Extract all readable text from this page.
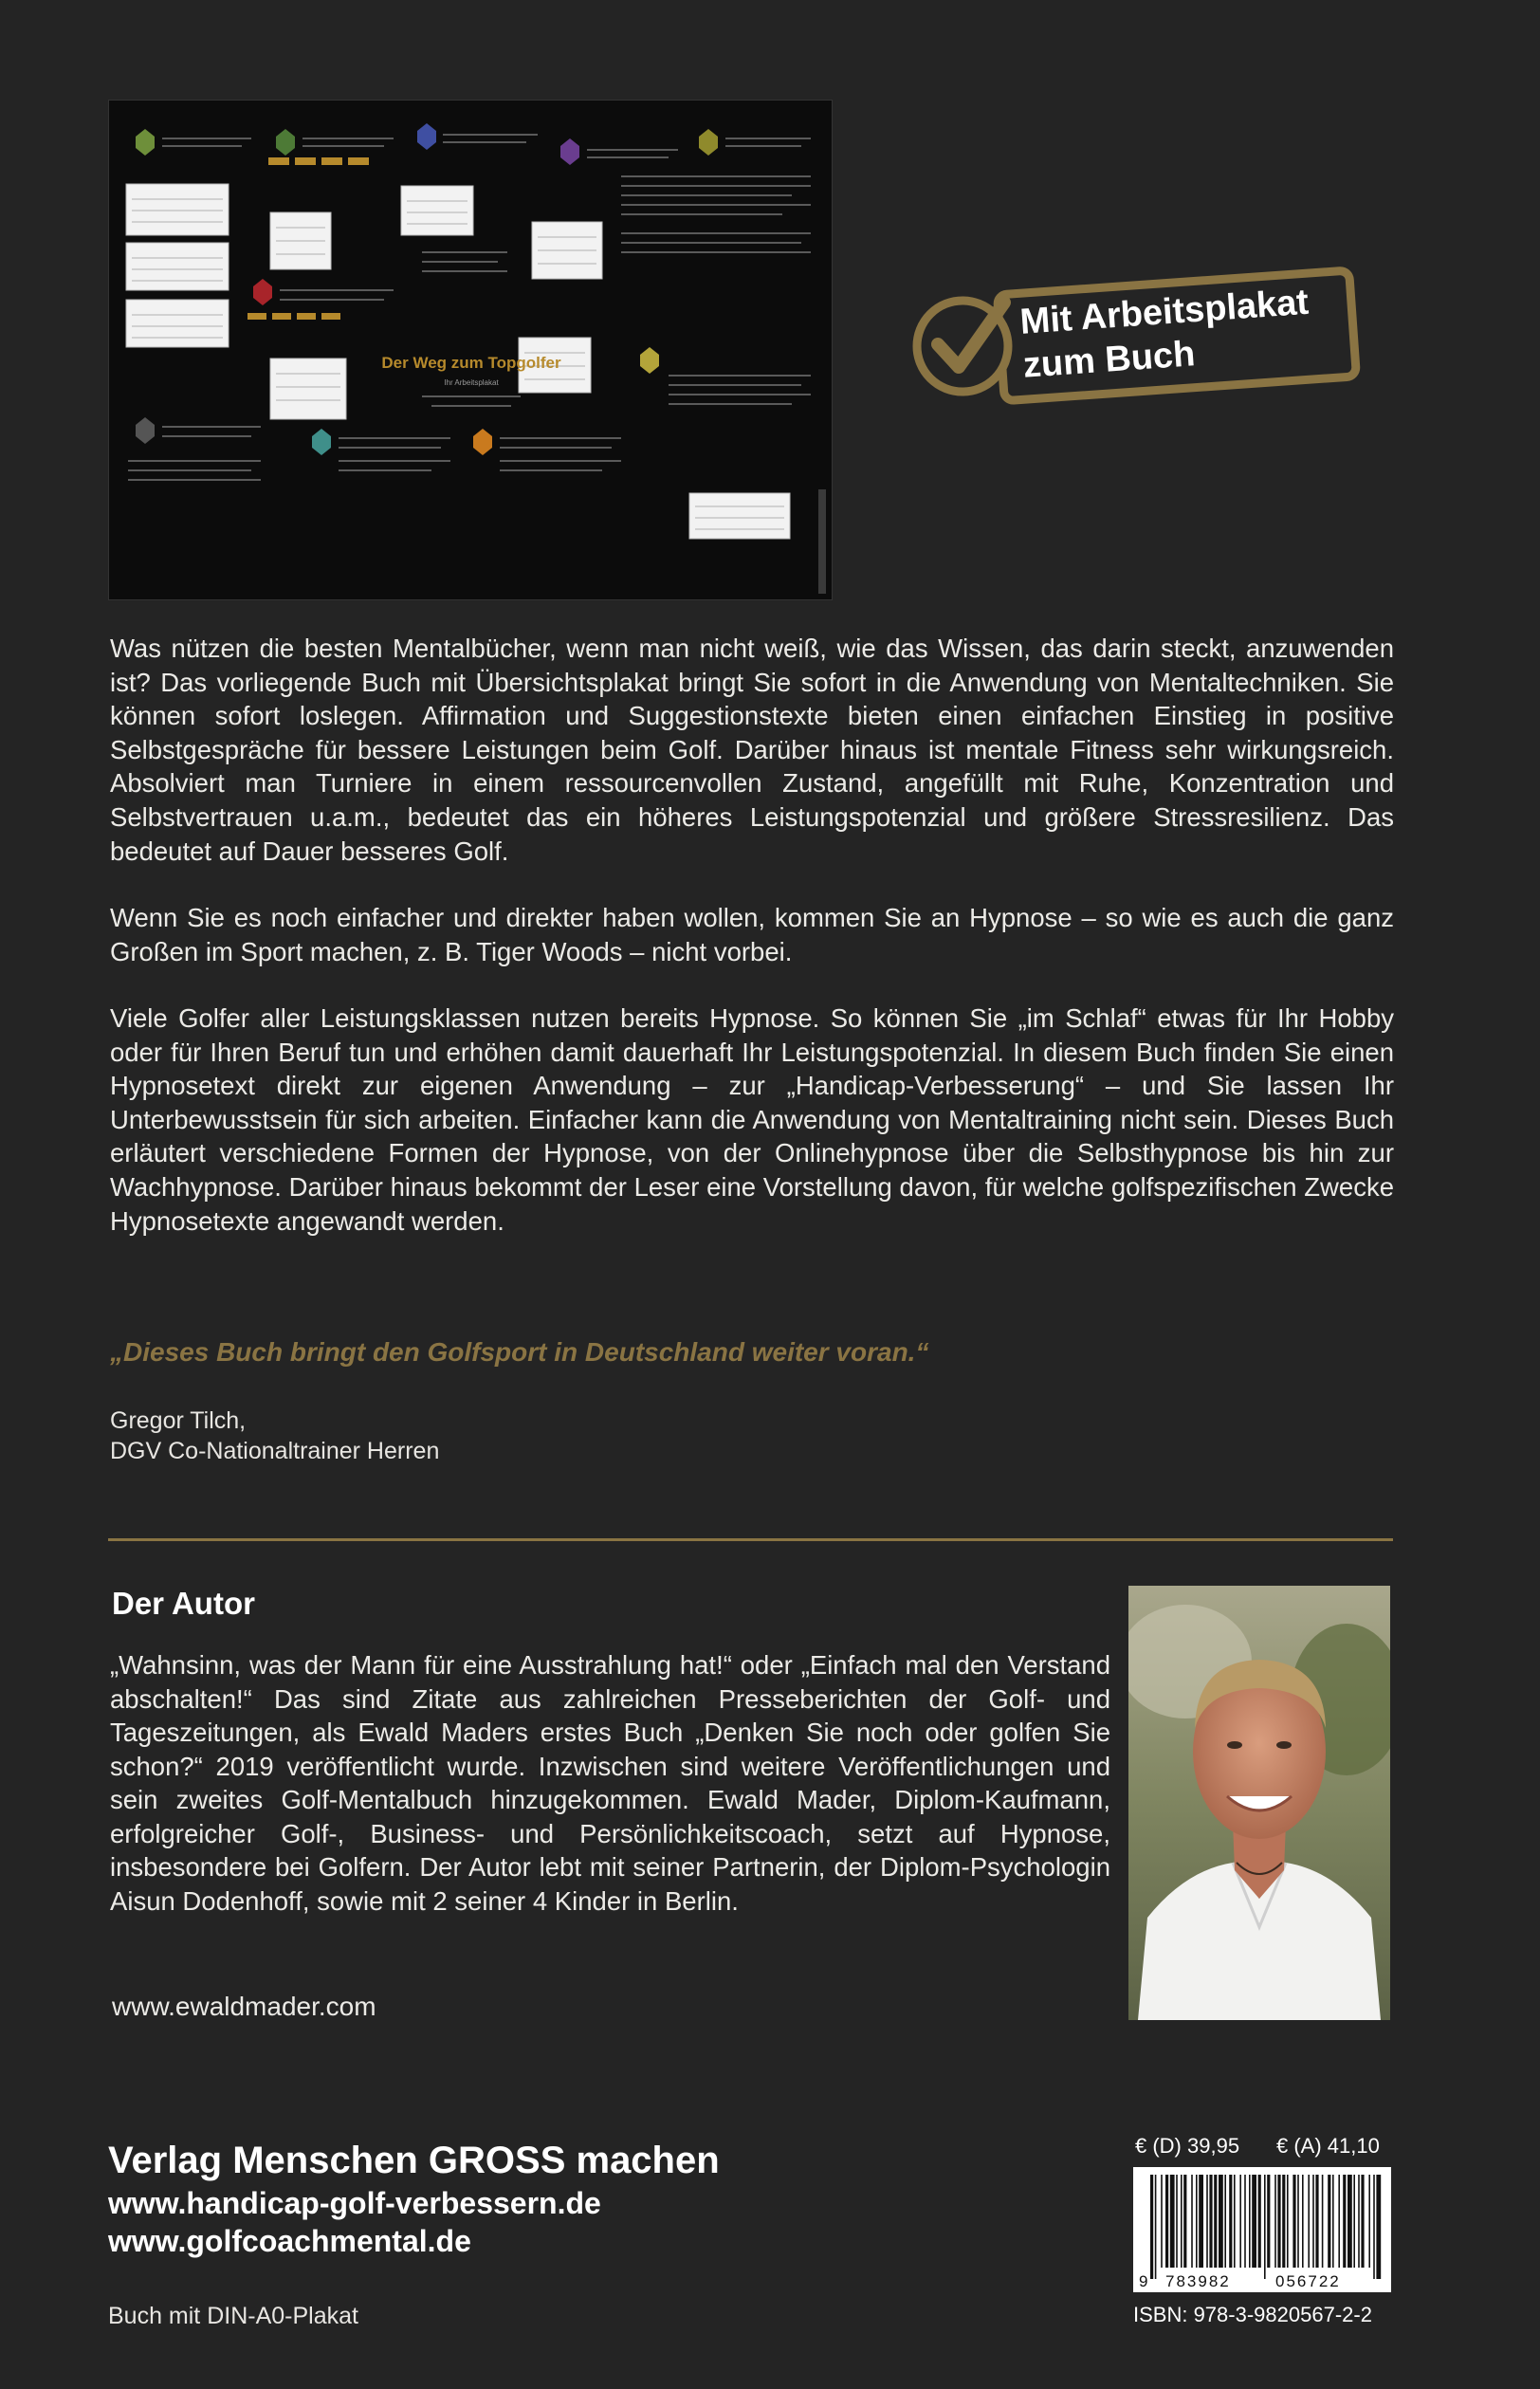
Der Weg zum Topgolfer
Ihr Arbeitsplakat
Mit Arbeitsplakat
zum Buch

Was nützen die besten Mentalbücher, wenn man nicht weiß, wie das Wissen, das darin steckt, anzuwenden ist? Das vorliegende Buch mit Übersichtsplakat bringt Sie sofort in die Anwendung von Mentaltechniken. Sie können sofort loslegen. Affirmation und Suggestionstexte bieten einen einfachen Einstieg in positive Selbstgespräche für bessere Leistungen beim Golf. Darüber hinaus ist mentale Fitness sehr wirkungsreich. Absolviert man Turniere in einem ressourcenvollen Zustand, angefüllt mit Ruhe, Konzentration und Selbstvertrauen u.a.m., bedeutet das ein höheres Leistungspotenzial und größere Stressresilienz. Das bedeutet auf Dauer besseres Golf.

Wenn Sie es noch einfacher und direkter haben wollen, kommen Sie an Hypnose – so wie es auch die ganz Großen im Sport machen, z. B. Tiger Woods – nicht vorbei.

Viele Golfer aller Leistungsklassen nutzen bereits Hypnose. So können Sie „im Schlaf“ etwas für Ihr Hobby oder für Ihren Beruf tun und erhöhen damit dauerhaft Ihr Leistungspotenzial. In diesem Buch finden Sie einen Hypnosetext direkt zur eigenen Anwendung – zur „Handicap-Verbesserung“ – und Sie lassen Ihr Unterbewusstsein für sich arbeiten. Einfacher kann die Anwendung von Mentaltraining nicht sein. Dieses Buch erläutert verschiedene Formen der Hypnose, von der Onlinehypnose über die Selbsthypnose bis hin zur Wachhypnose. Darüber hinaus bekommt der Leser eine Vorstellung davon, für welche golfspezifischen Zwecke Hypnosetexte angewandt werden.

„Dieses Buch bringt den Golfsport in Deutschland weiter voran.“
Gregor Tilch,
DGV Co-Nationaltrainer Herren
Der Autor

„Wahnsinn, was der Mann für eine Ausstrahlung hat!“ oder „Einfach mal den Verstand abschalten!“ Das sind Zitate aus zahlreichen Presseberichten der Golf- und Tageszeitungen, als Ewald Maders erstes Buch „Denken Sie noch oder golfen Sie schon?“ 2019 veröffentlicht wurde. Inzwischen sind weitere Veröffentlichungen und sein zweites Golf-Mentalbuch hinzugekommen. Ewald Mader, Diplom-Kaufmann, erfolgreicher Golf-, Business- und Persönlichkeitscoach, setzt auf Hypnose, insbesondere bei Golfern. Der Autor lebt mit seiner Partnerin, der Diplom-Psychologin Aisun Dodenhoff, sowie mit 2 seiner 4 Kinder in Berlin.

www.ewaldmader.com
Verlag Menschen GROSS machen
www.handicap-golf-verbessern.de
www.golfcoachmental.de
Buch mit DIN-A0-Plakat
€ (D) 39,95 € (A) 41,10
9 783982	056722
ISBN: 978-3-9820567-2-2
